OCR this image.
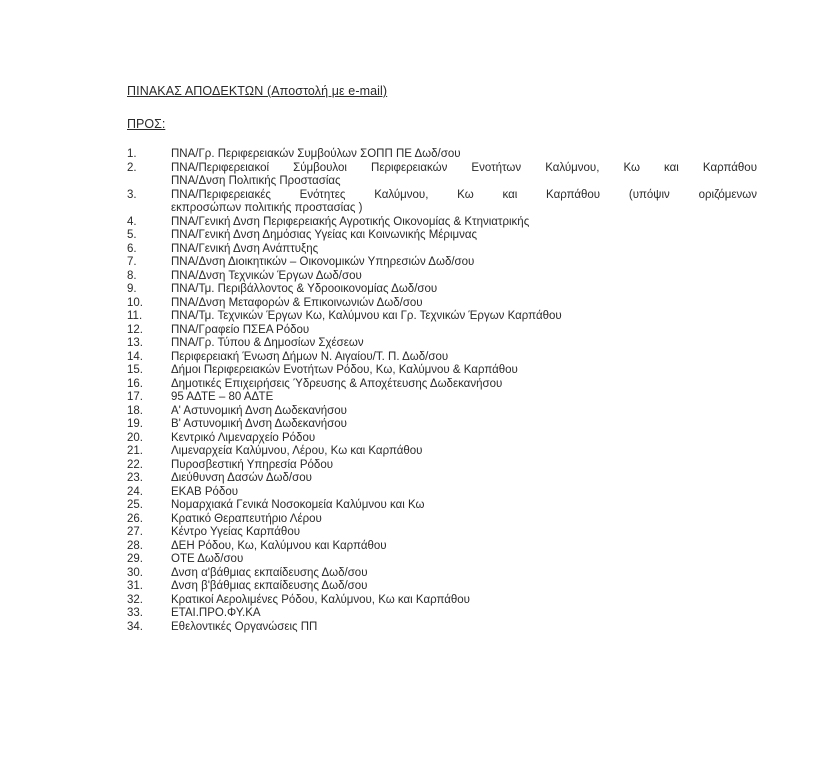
ΠΙΝΑΚΑΣ ΑΠΟΔΕΚΤΩΝ (Αποστολή με e-mail)
ΠΡΟΣ:
1.	ΠΝΑ/Γρ. Περιφερειακών Συμβούλων ΣΟΠΠ ΠΕ Δωδ/σου
2.	ΠΝΑ/Περιφερειακοί Σύμβουλοι Περιφερειακών Ενοτήτων Καλύμνου, Κω και Καρπάθου
ΠΝΑ/Δνση Πολιτικής Προστασίας
3.	ΠΝΑ/Περιφερειακές Ενότητες Καλύμνου, Κω και Καρπάθου (υπόψιν οριζόμενων
εκπροσώπων πολιτικής προστασίας )
4.	ΠΝΑ/Γενική Δνση Περιφερειακής Αγροτικής Οικονομίας & Κτηνιατρικής
5.	ΠΝΑ/Γενική Δνση Δημόσιας Υγείας και Κοινωνικής Μέριμνας
6.	ΠΝΑ/Γενική Δνση Ανάπτυξης
7.	ΠΝΑ/Δνση Διοικητικών – Οικονομικών Υπηρεσιών Δωδ/σου
8.	ΠΝΑ/Δνση Τεχνικών Έργων Δωδ/σου
9.	ΠΝΑ/Τμ. Περιβάλλοντος & Υδροοικονομίας Δωδ/σου
10.	ΠΝΑ/Δνση Μεταφορών & Επικοινωνιών Δωδ/σου
11.	ΠΝΑ/Τμ. Τεχνικών Έργων Κω, Καλύμνου και Γρ. Τεχνικών Έργων Καρπάθου
12.	ΠΝΑ/Γραφείο ΠΣΕΑ Ρόδου
13.	ΠΝΑ/Γρ. Τύπου & Δημοσίων Σχέσεων
14.	Περιφερειακή Ένωση Δήμων Ν. Αιγαίου/Τ. Π. Δωδ/σου
15.	Δήμοι Περιφερειακών Ενοτήτων Ρόδου, Κω, Καλύμνου & Καρπάθου
16.	Δημοτικές Επιχειρήσεις Ύδρευσης & Αποχέτευσης Δωδεκανήσου
17.	95 ΑΔΤΕ – 80 ΑΔΤΕ
18.	Α' Αστυνομική Δνση Δωδεκανήσου
19.	Β' Αστυνομική Δνση Δωδεκανήσου
20.	Κεντρικό Λιμεναρχείο Ρόδου
21.	Λιμεναρχεία Καλύμνου, Λέρου, Κω και Καρπάθου
22.	Πυροσβεστική Υπηρεσία Ρόδου
23.	Διεύθυνση Δασών Δωδ/σου
24.	ΕΚΑΒ Ρόδου
25.	Νομαρχιακά Γενικά Νοσοκομεία Καλύμνου και Κω
26.	Κρατικό Θεραπευτήριο Λέρου
27.	Κέντρο Υγείας Καρπάθου
28.	ΔΕΗ Ρόδου, Κω, Καλύμνου και Καρπάθου
29.	ΟΤΕ Δωδ/σου
30.	Δνση α'βάθμιας εκπαίδευσης Δωδ/σου
31.	Δνση β'βάθμιας εκπαίδευσης Δωδ/σου
32.	Κρατικοί Αερολιμένες Ρόδου, Καλύμνου, Κω και Καρπάθου
33.	ΕΤΑΙ.ΠΡΟ.ΦΥ.ΚΑ
34.	Εθελοντικές Οργανώσεις ΠΠ
